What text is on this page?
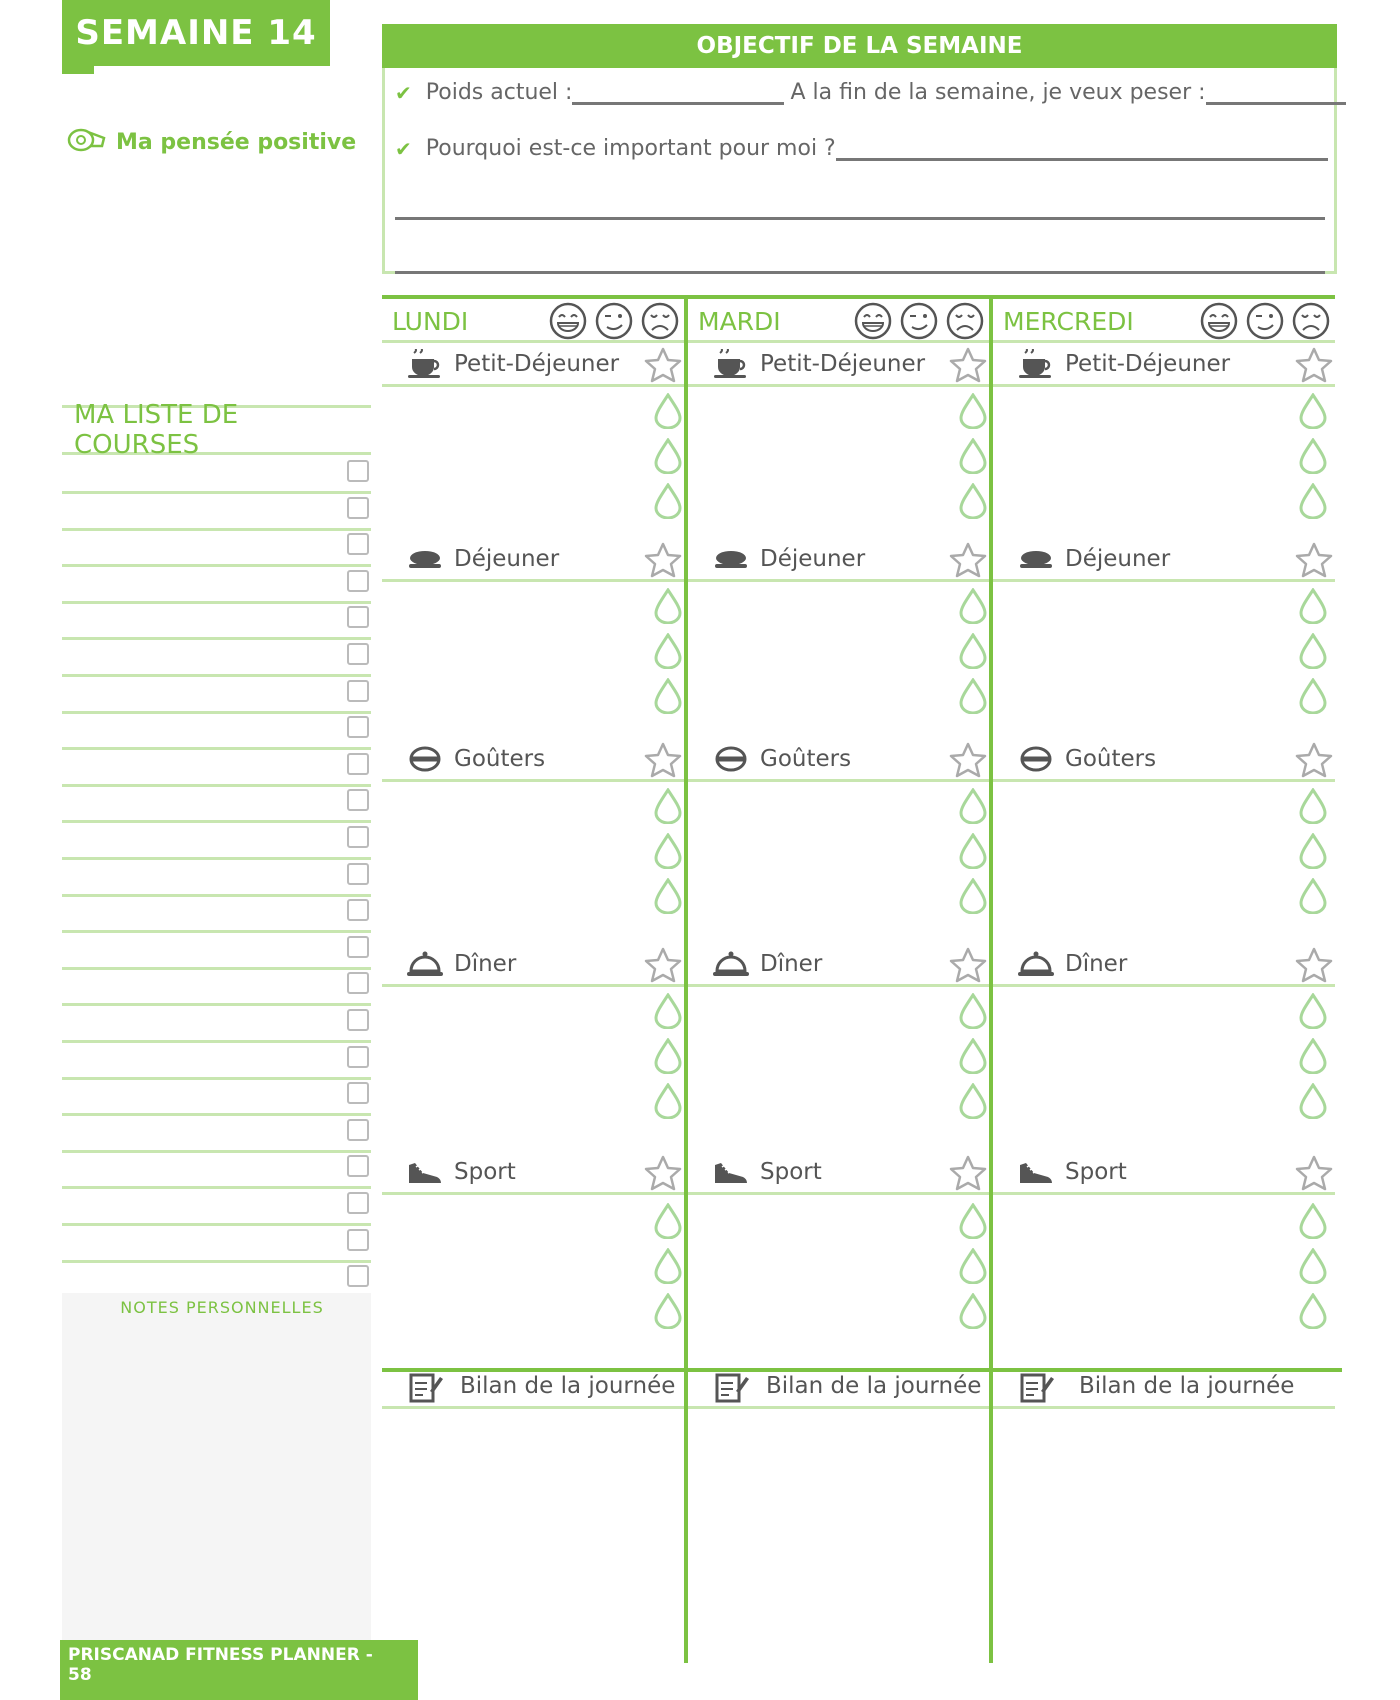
SEMAINE 14
Ma pensée positive
OBJECTIF DE LA SEMAINE
✔ Poids actuel :	A la fin de la semaine, je veux peser :
✔ Pourquoi est-ce important pour moi ?
MA LISTE DE COURSES
NOTES PERSONNELLES
PRISCANAD FITNESS PLANNER - 58
LUNDI
Petit-Déjeuner
Déjeuner
Goûters
Dîner
Sport
Bilan de la journée
MARDI
Petit-Déjeuner
Déjeuner
Goûters
Dîner
Sport
Bilan de la journée
MERCREDI
Petit-Déjeuner
Déjeuner
Goûters
Dîner
Sport
Bilan de la journée
